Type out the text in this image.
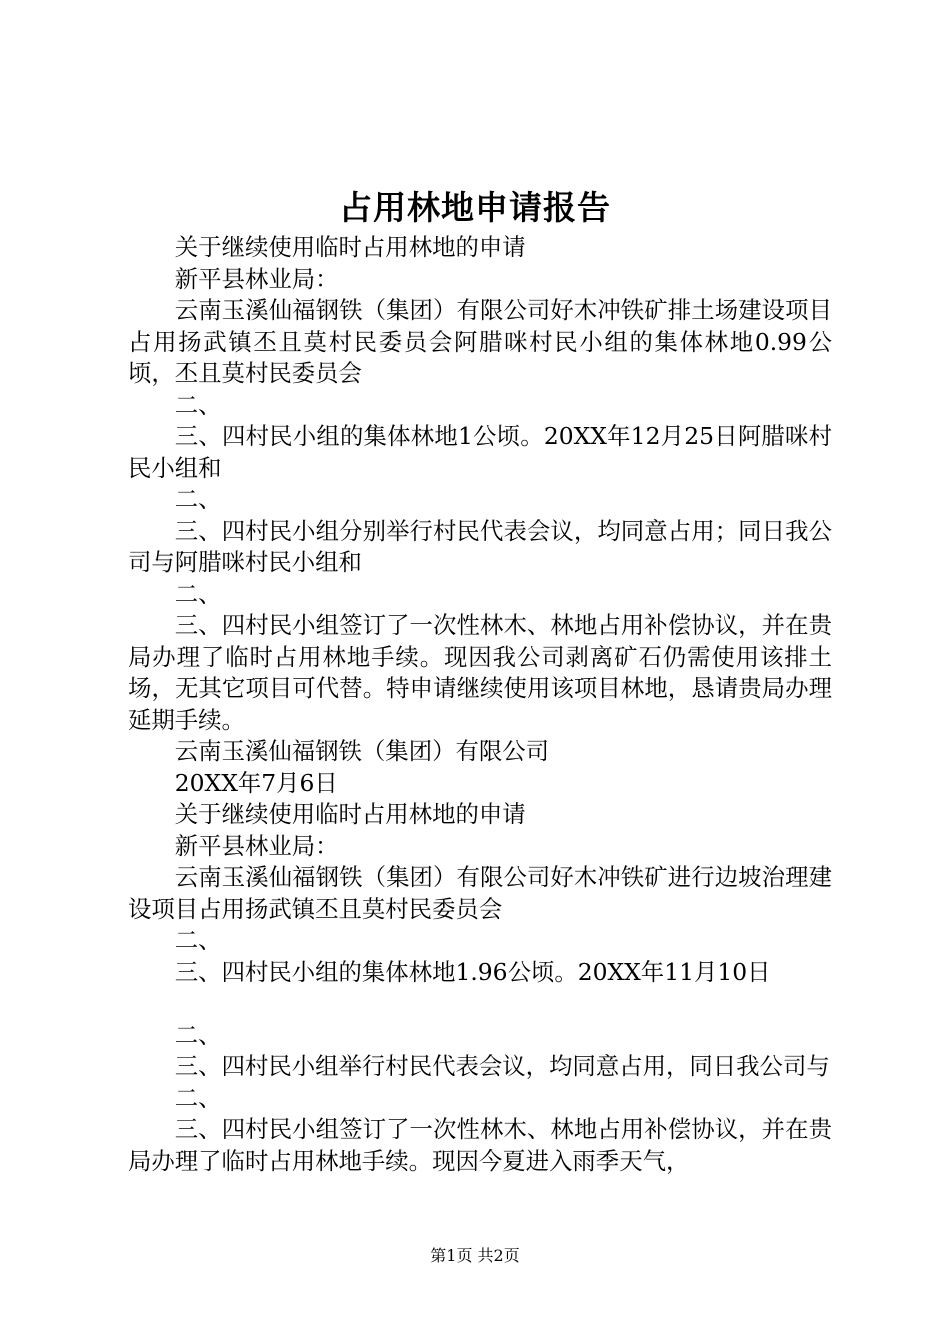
占用林地申请报告

关于继续使用临时占用林地的申请

新平县林业局：

云南玉溪仙福钢铁（集团）有限公司好木冲铁矿排土场建设项目占用扬武镇丕且莫村民委员会阿腊咪村民小组的集体林地0.99公顷，丕且莫村民委员会

二、

三、四村民小组的集体林地1公顷。20XX年12月25日阿腊咪村民小组和

二、

三、四村民小组分别举行村民代表会议，均同意占用；同日我公司与阿腊咪村民小组和

二、

三、四村民小组签订了一次性林木、林地占用补偿协议，并在贵局办理了临时占用林地手续。现因我公司剥离矿石仍需使用该排土场，无其它项目可代替。特申请继续使用该项目林地，恳请贵局办理延期手续。

云南玉溪仙福钢铁（集团）有限公司

20XX年7月6日

关于继续使用临时占用林地的申请

新平县林业局：

云南玉溪仙福钢铁（集团）有限公司好木冲铁矿进行边坡治理建设项目占用扬武镇丕且莫村民委员会

二、

三、四村民小组的集体林地1.96公顷。20XX年11月10日

二、

三、四村民小组举行村民代表会议，均同意占用，同日我公司与

二、

三、四村民小组签订了一次性林木、林地占用补偿协议，并在贵局办理了临时占用林地手续。现因今夏进入雨季天气，

第1页 共2页
